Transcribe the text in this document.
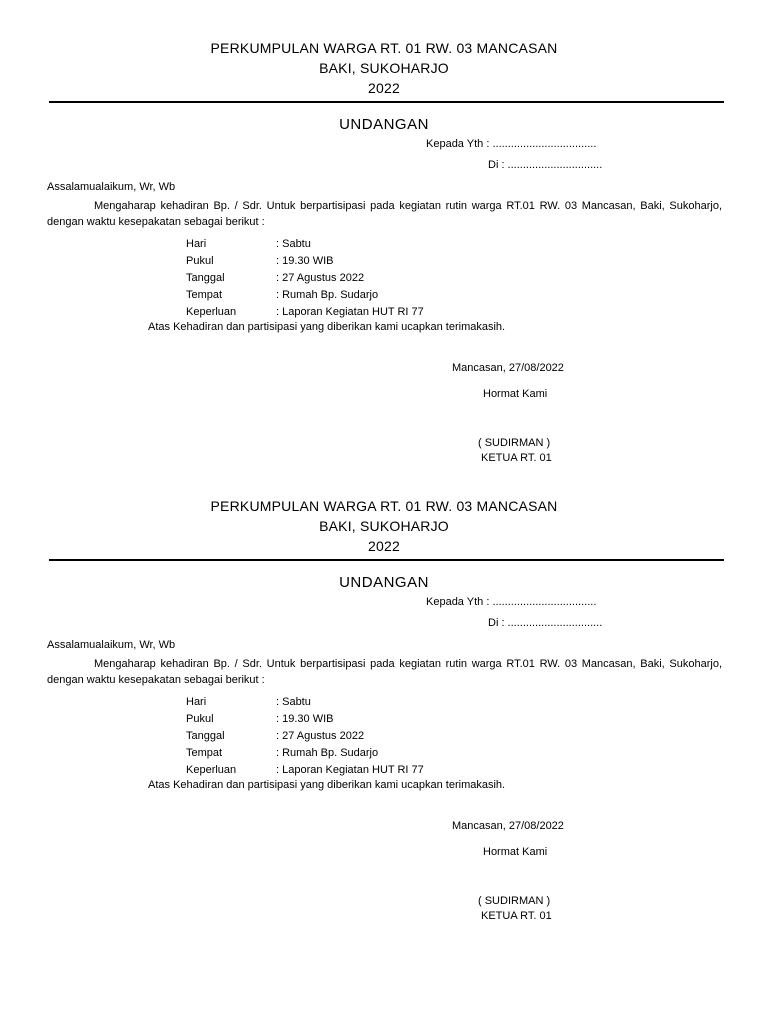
PERKUMPULAN WARGA RT. 01 RW. 03 MANCASAN
BAKI, SUKOHARJO
2022
UNDANGAN
Kepada Yth : ..................................
Di : ...............................
Assalamualaikum, Wr, Wb
Mengaharap kehadiran Bp. / Sdr. Untuk berpartisipasi pada kegiatan rutin warga RT.01 RW. 03 Mancasan, Baki, Sukoharjo, dengan waktu kesepakatan sebagai berikut :
Hari	: Sabtu
Pukul	: 19.30 WIB
Tanggal	: 27 Agustus 2022
Tempat	: Rumah Bp. Sudarjo
Keperluan	: Laporan Kegiatan HUT RI 77
Atas Kehadiran dan partisipasi yang diberikan kami ucapkan terimakasih.
Mancasan, 27/08/2022
Hormat Kami
( SUDIRMAN )
KETUA RT. 01
PERKUMPULAN WARGA RT. 01 RW. 03 MANCASAN
BAKI, SUKOHARJO
2022
UNDANGAN
Kepada Yth : ..................................
Di : ...............................
Assalamualaikum, Wr, Wb
Mengaharap kehadiran Bp. / Sdr. Untuk berpartisipasi pada kegiatan rutin warga RT.01 RW. 03 Mancasan, Baki, Sukoharjo, dengan waktu kesepakatan sebagai berikut :
Hari	: Sabtu
Pukul	: 19.30 WIB
Tanggal	: 27 Agustus 2022
Tempat	: Rumah Bp. Sudarjo
Keperluan	: Laporan Kegiatan HUT RI 77
Atas Kehadiran dan partisipasi yang diberikan kami ucapkan terimakasih.
Mancasan, 27/08/2022
Hormat Kami
( SUDIRMAN )
KETUA RT. 01
